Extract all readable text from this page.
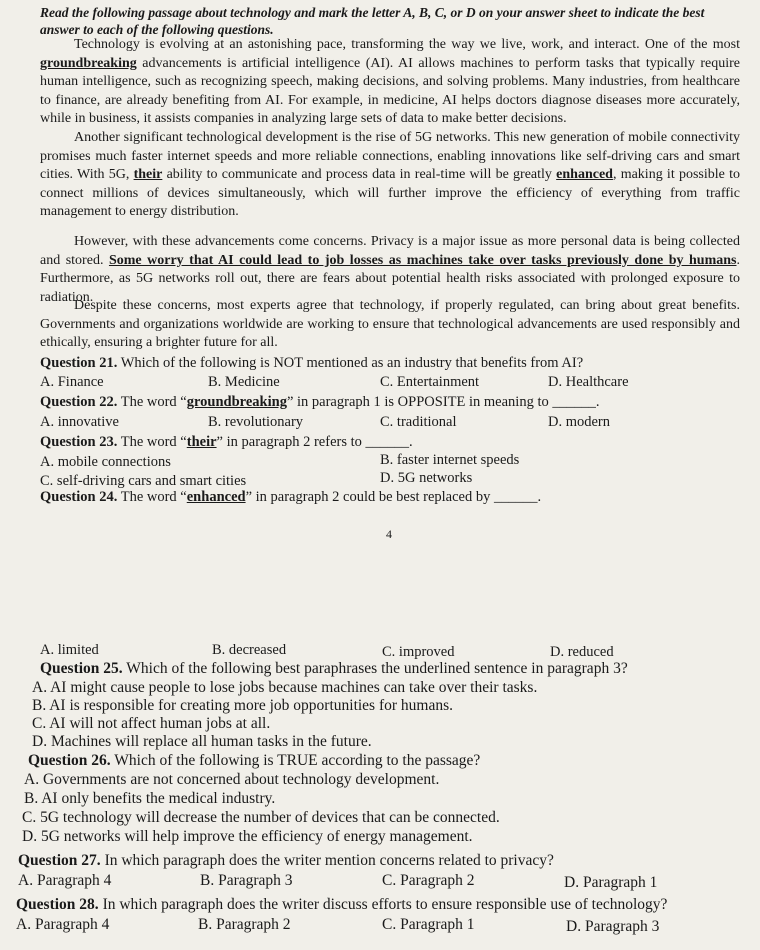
Read the following passage about technology and mark the letter A, B, C, or D on your answer sheet to indicate the best answer to each of the following questions.

Technology is evolving at an astonishing pace, transforming the way we live, work, and interact. One of the most groundbreaking advancements is artificial intelligence (AI). AI allows machines to perform tasks that typically require human intelligence, such as recognizing speech, making decisions, and solving problems. Many industries, from healthcare to finance, are already benefiting from AI. For example, in medicine, AI helps doctors diagnose diseases more accurately, while in business, it assists companies in analyzing large sets of data to make better decisions.

Another significant technological development is the rise of 5G networks. This new generation of mobile connectivity promises much faster internet speeds and more reliable connections, enabling innovations like self-driving cars and smart cities. With 5G, their ability to communicate and process data in real-time will be greatly enhanced, making it possible to connect millions of devices simultaneously, which will further improve the efficiency of everything from traffic management to energy distribution.

However, with these advancements come concerns. Privacy is a major issue as more personal data is being collected and stored. Some worry that AI could lead to job losses as machines take over tasks previously done by humans. Furthermore, as 5G networks roll out, there are fears about potential health risks associated with prolonged exposure to radiation.

Despite these concerns, most experts agree that technology, if properly regulated, can bring about great benefits. Governments and organizations worldwide are working to ensure that technological advancements are used responsibly and ethically, ensuring a brighter future for all.

Question 21. Which of the following is NOT mentioned as an industry that benefits from AI?
A. Finance	B. Medicine	C. Entertainment	D. Healthcare
Question 22. The word “groundbreaking” in paragraph 1 is OPPOSITE in meaning to ______.
A. innovative	B. revolutionary	C. traditional	D. modern
Question 23. The word “their” in paragraph 2 refers to ______.
A. mobile connections	B. faster internet speeds
C. self-driving cars and smart cities	D. 5G networks
Question 24. The word “enhanced” in paragraph 2 could be best replaced by ______.
4
A. limited	B. decreased	C. improved	D. reduced
Question 25. Which of the following best paraphrases the underlined sentence in paragraph 3?
A. AI might cause people to lose jobs because machines can take over their tasks.
B. AI is responsible for creating more job opportunities for humans.
C. AI will not affect human jobs at all.
D. Machines will replace all human tasks in the future.
Question 26. Which of the following is TRUE according to the passage?
A. Governments are not concerned about technology development.
B. AI only benefits the medical industry.
C. 5G technology will decrease the number of devices that can be connected.
D. 5G networks will help improve the efficiency of energy management.
Question 27. In which paragraph does the writer mention concerns related to privacy?
A. Paragraph 4	B. Paragraph 3	C. Paragraph 2	D. Paragraph 1
Question 28. In which paragraph does the writer discuss efforts to ensure responsible use of technology?
A. Paragraph 4	B. Paragraph 2	C. Paragraph 1	D. Paragraph 3
